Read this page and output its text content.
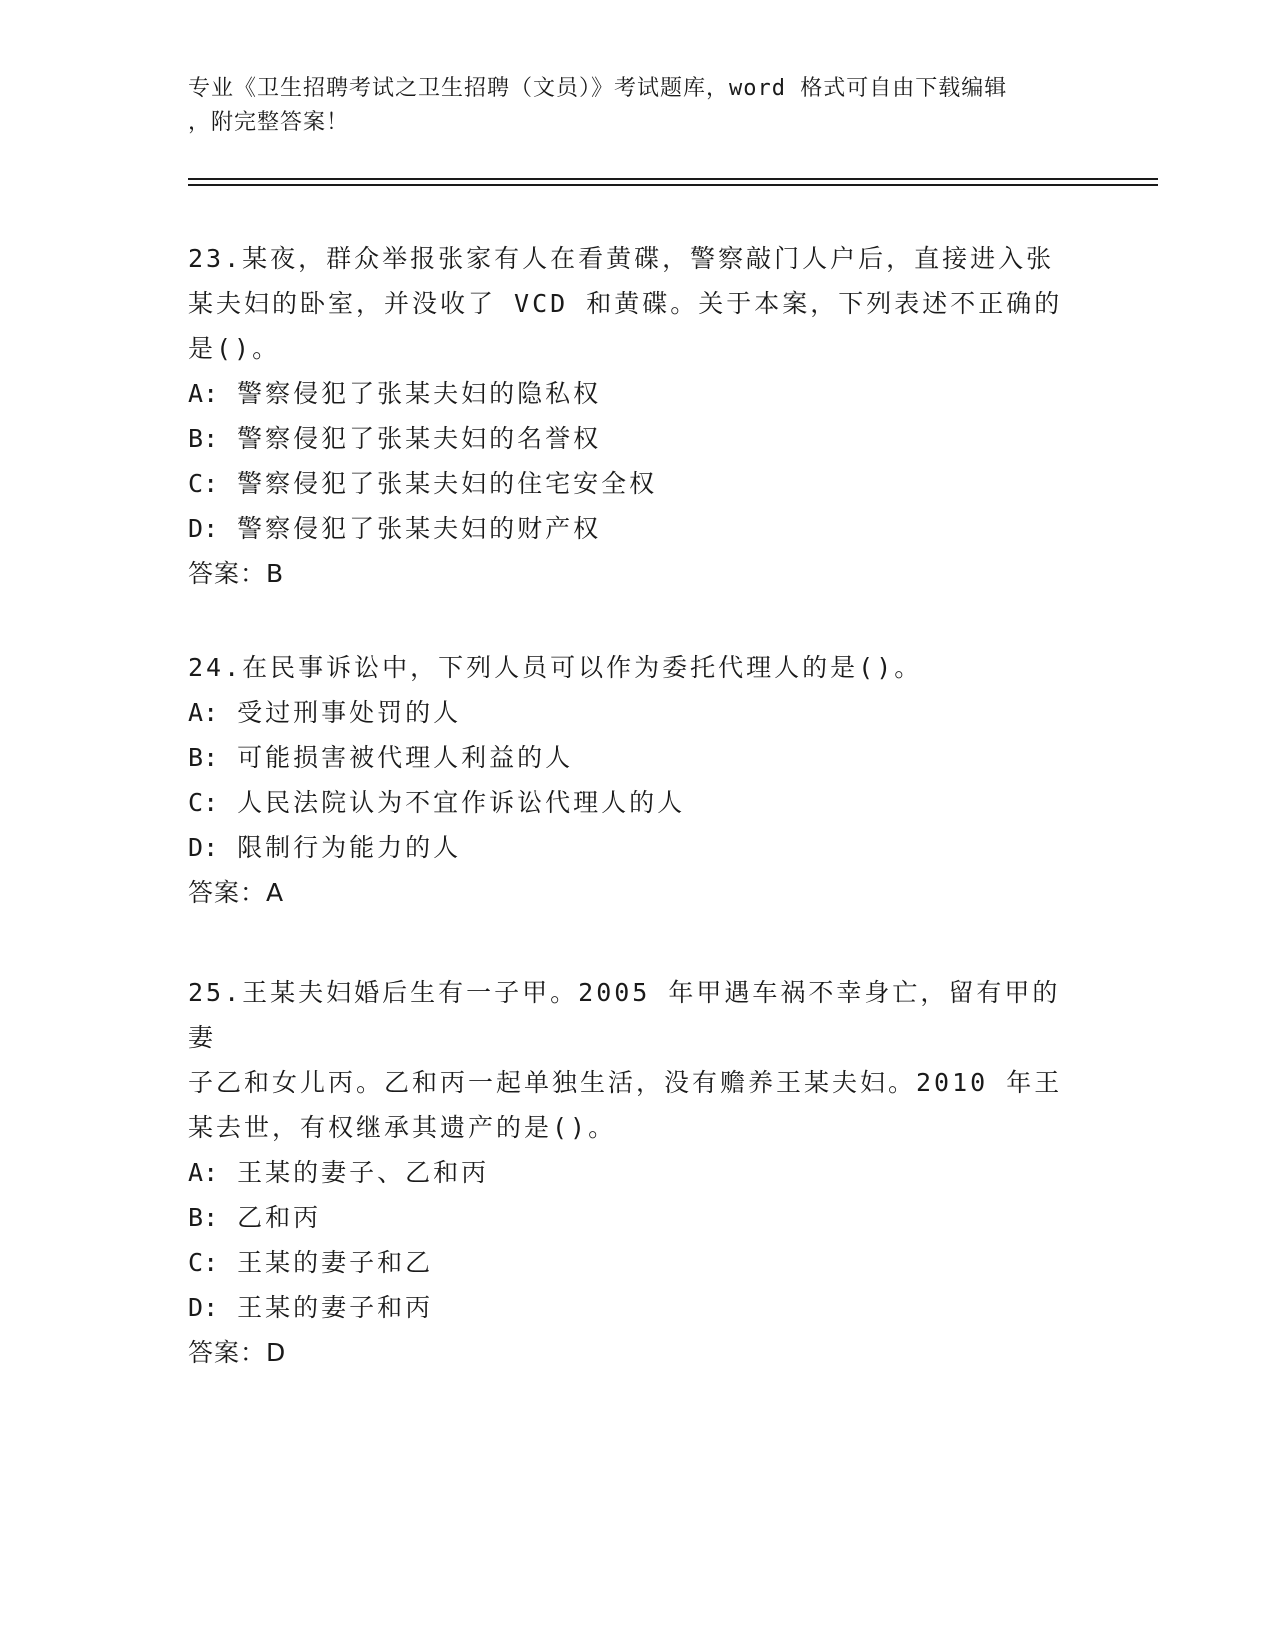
专业《卫生招聘考试之卫生招聘（文员）》考试题库，word 格式可自由下载编辑
，附完整答案！
23.某夜，群众举报张家有人在看黄碟，警察敲门人户后，直接进入张
某夫妇的卧室，并没收了 VCD 和黄碟。关于本案，下列表述不正确的
是()。
A: 警察侵犯了张某夫妇的隐私权
B: 警察侵犯了张某夫妇的名誉权
C: 警察侵犯了张某夫妇的住宅安全权
D: 警察侵犯了张某夫妇的财产权
答案：B
24.在民事诉讼中，下列人员可以作为委托代理人的是()。
A: 受过刑事处罚的人
B: 可能损害被代理人利益的人
C: 人民法院认为不宜作诉讼代理人的人
D: 限制行为能力的人
答案：A
25.王某夫妇婚后生有一子甲。2005 年甲遇车祸不幸身亡，留有甲的妻
子乙和女儿丙。乙和丙一起单独生活，没有赡养王某夫妇。2010 年王
某去世，有权继承其遗产的是()。
A: 王某的妻子、乙和丙
B: 乙和丙
C: 王某的妻子和乙
D: 王某的妻子和丙
答案：D
